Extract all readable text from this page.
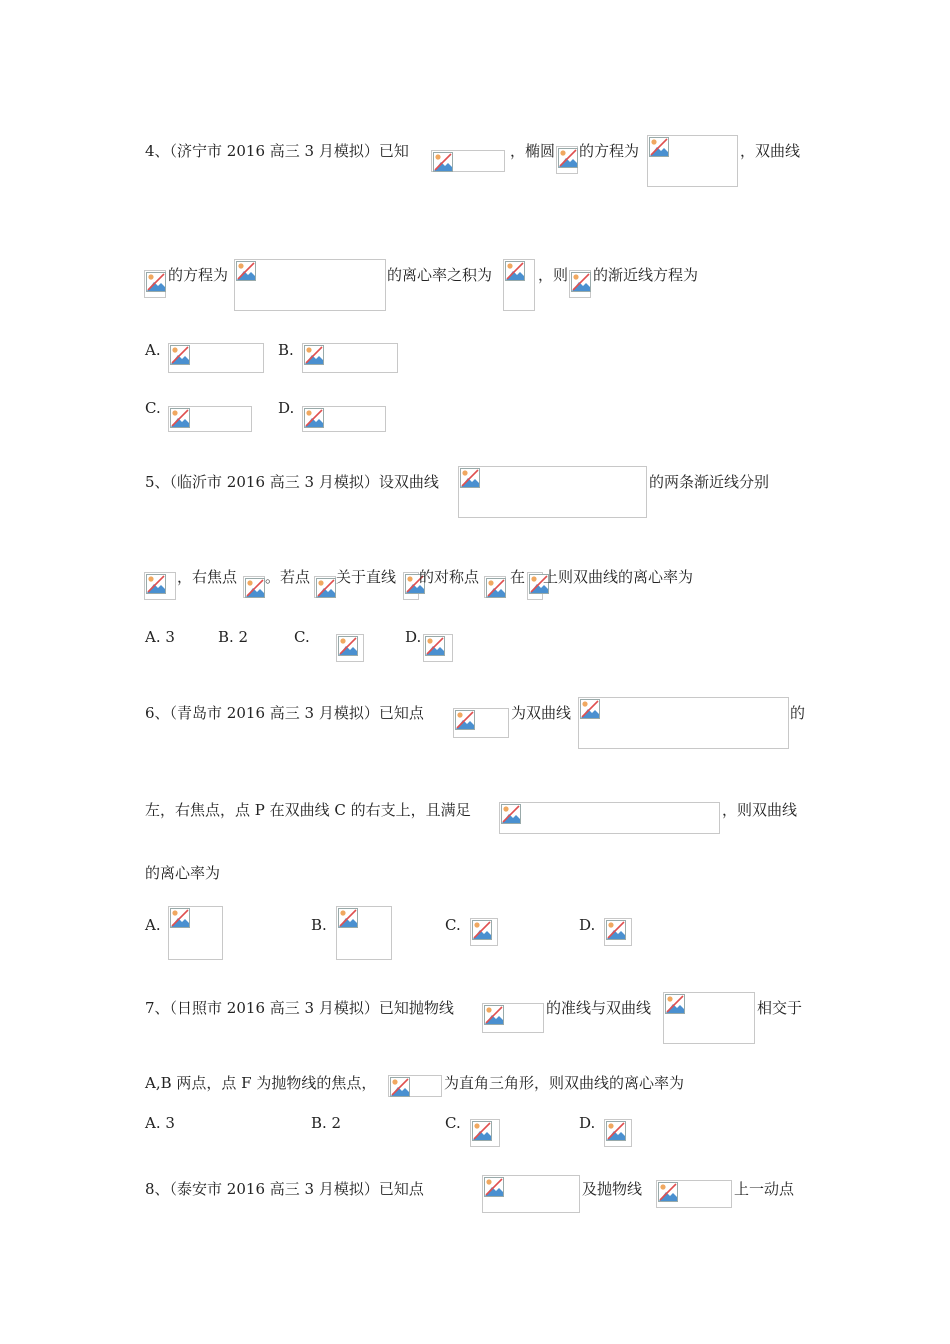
4、（济宁市 2016 高三 3 月模拟）已知	，椭圆 的方程为	，双曲线
的方程为	的离心率之积为	，则 的渐近线方程为
A.	B.
C.	D.
5、（临沂市 2016 高三 3 月模拟）设双曲线	的两条渐近线分别
，右焦点 。若点 关于直线 的对称点 在 上则双曲线的离心率为
A. 3	B. 2	C.	D.
6、（青岛市 2016 高三 3 月模拟）已知点	为双曲线	的
左，右焦点，点 P 在双曲线 C 的右支上，且满足	，则双曲线
的离心率为
A.	B.	C.	D.
7、（日照市 2016 高三 3 月模拟）已知抛物线	的准线与双曲线	相交于
A,B 两点，点 F 为抛物线的焦点，	为直角三角形，则双曲线的离心率为
A. 3	B. 2	C.	D.
8、（泰安市 2016 高三 3 月模拟）已知点	及抛物线	上一动点
